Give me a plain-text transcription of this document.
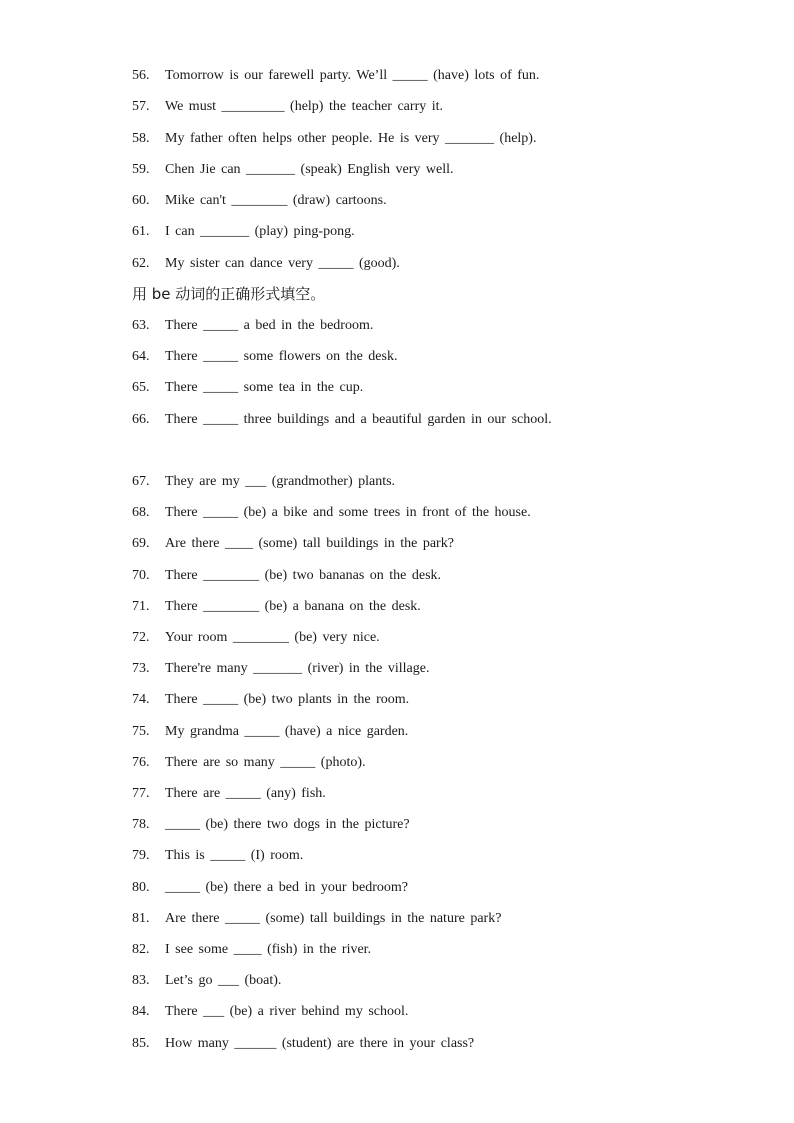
56. Tomorrow is our farewell party. We’ll _____ (have) lots of fun.
57. We must _________ (help) the teacher carry it.
58. My father often helps other people. He is very _______ (help).
59. Chen Jie can _______ (speak) English very well.
60. Mike can't ________ (draw) cartoons.
61. I can _______ (play) ping-pong.
62. My sister can dance very _____ (good).
用 be 动词的正确形式填空。
63. There _____ a bed in the bedroom.
64. There _____ some flowers on the desk.
65. There _____ some tea in the cup.
66. There _____ three buildings and a beautiful garden in our school.
67. They are my ___ (grandmother) plants.
68. There _____ (be) a bike and some trees in front of the house.
69. Are there ____ (some) tall buildings in the park?
70. There ________ (be) two bananas on the desk.
71. There ________ (be) a banana on the desk.
72. Your room ________ (be) very nice.
73. There're many _______ (river) in the village.
74. There _____ (be) two plants in the room.
75. My grandma _____ (have) a nice garden.
76. There are so many _____ (photo).
77. There are _____ (any) fish.
78. _____ (be) there two dogs in the picture?
79. This is _____ (I) room.
80. _____ (be) there a bed in your bedroom?
81. Are there _____ (some) tall buildings in the nature park?
82. I see some ____ (fish) in the river.
83. Let’s go ___ (boat).
84. There ___ (be) a river behind my school.
85. How many ______ (student) are there in your class?
